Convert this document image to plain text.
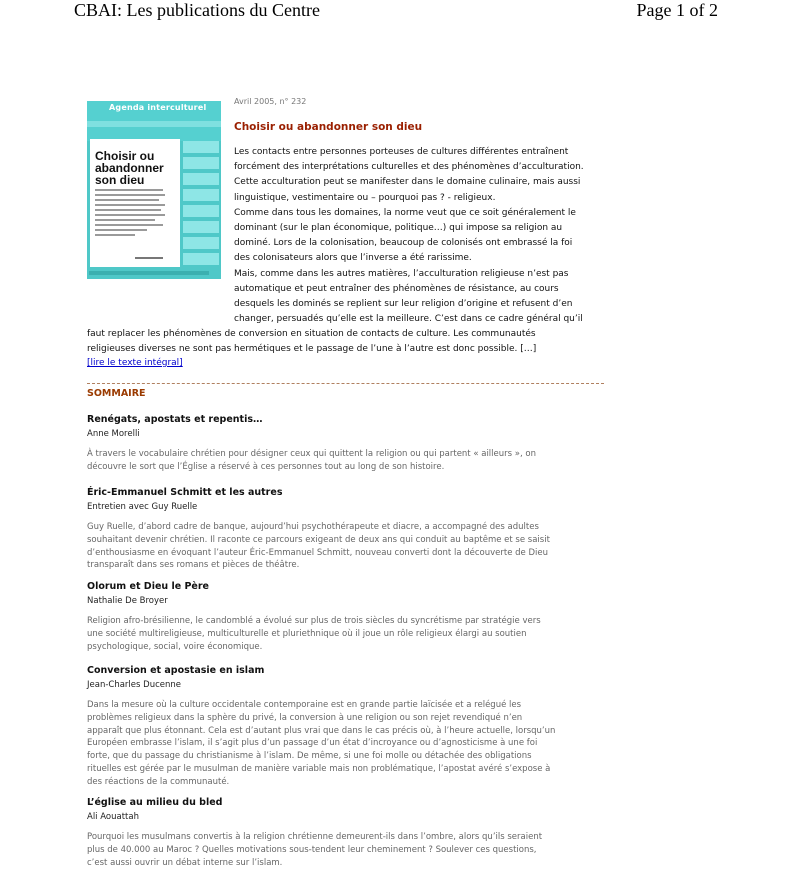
CBAI: Les publications du Centre	Page 1 of 2
Agenda interculturel
Choisir ou abandonner son dieu
Avril 2005, n° 232
Choisir ou abandonner son dieu

Les contacts entre personnes porteuses de cultures différentes entraînent
forcément des interprétations culturelles et des phénomènes d’acculturation.
Cette acculturation peut se manifester dans le domaine culinaire, mais aussi
linguistique, vestimentaire ou – pourquoi pas ? - religieux.
Comme dans tous les domaines, la norme veut que ce soit généralement le
dominant (sur le plan économique, politique…) qui impose sa religion au
dominé. Lors de la colonisation, beaucoup de colonisés ont embrassé la foi
des colonisateurs alors que l’inverse a été rarissime.
Mais, comme dans les autres matières, l’acculturation religieuse n’est pas
automatique et peut entraîner des phénomènes de résistance, au cours
desquels les dominés se replient sur leur religion d’origine et refusent d’en
changer, persuadés qu’elle est la meilleure. C’est dans ce cadre général qu’il

faut replacer les phénomènes de conversion en situation de contacts de culture. Les communautés
religieuses diverses ne sont pas hermétiques et le passage de l’une à l’autre est donc possible. […]

[lire le texte intégral]
SOMMAIRE
Renégats, apostats et repentis…
Anne Morelli
À travers le vocabulaire chrétien pour désigner ceux qui quittent la religion ou qui partent « ailleurs », on
découvre le sort que l’Église a réservé à ces personnes tout au long de son histoire.
Éric-Emmanuel Schmitt et les autres
Entretien avec Guy Ruelle
Guy Ruelle, d’abord cadre de banque, aujourd’hui psychothérapeute et diacre, a accompagné des adultes
souhaitant devenir chrétien. Il raconte ce parcours exigeant de deux ans qui conduit au baptême et se saisit
d’enthousiasme en évoquant l’auteur Éric-Emmanuel Schmitt, nouveau converti dont la découverte de Dieu
transparaît dans ses romans et pièces de théâtre.
Olorum et Dieu le Père
Nathalie De Broyer
Religion afro-brésilienne, le candomblé a évolué sur plus de trois siècles du syncrétisme par stratégie vers
une société multireligieuse, multiculturelle et pluriethnique où il joue un rôle religieux élargi au soutien
psychologique, social, voire économique.
Conversion et apostasie en islam
Jean-Charles Ducenne
Dans la mesure où la culture occidentale contemporaine est en grande partie laïcisée et a relégué les
problèmes religieux dans la sphère du privé, la conversion à une religion ou son rejet revendiqué n’en
apparaît que plus étonnant. Cela est d’autant plus vrai que dans le cas précis où, à l’heure actuelle, lorsqu’un
Européen embrasse l’islam, il s’agit plus d’un passage d’un état d’incroyance ou d’agnosticisme à une foi
forte, que du passage du christianisme à l’islam. De même, si une foi molle ou détachée des obligations
rituelles est gérée par le musulman de manière variable mais non problématique, l’apostat avéré s’expose à
des réactions de la communauté.
L’église au milieu du bled
Ali Aouattah
Pourquoi les musulmans convertis à la religion chrétienne demeurent-ils dans l’ombre, alors qu’ils seraient
plus de 40.000 au Maroc ? Quelles motivations sous-tendent leur cheminement ? Soulever ces questions,
c’est aussi ouvrir un débat interne sur l’islam.
